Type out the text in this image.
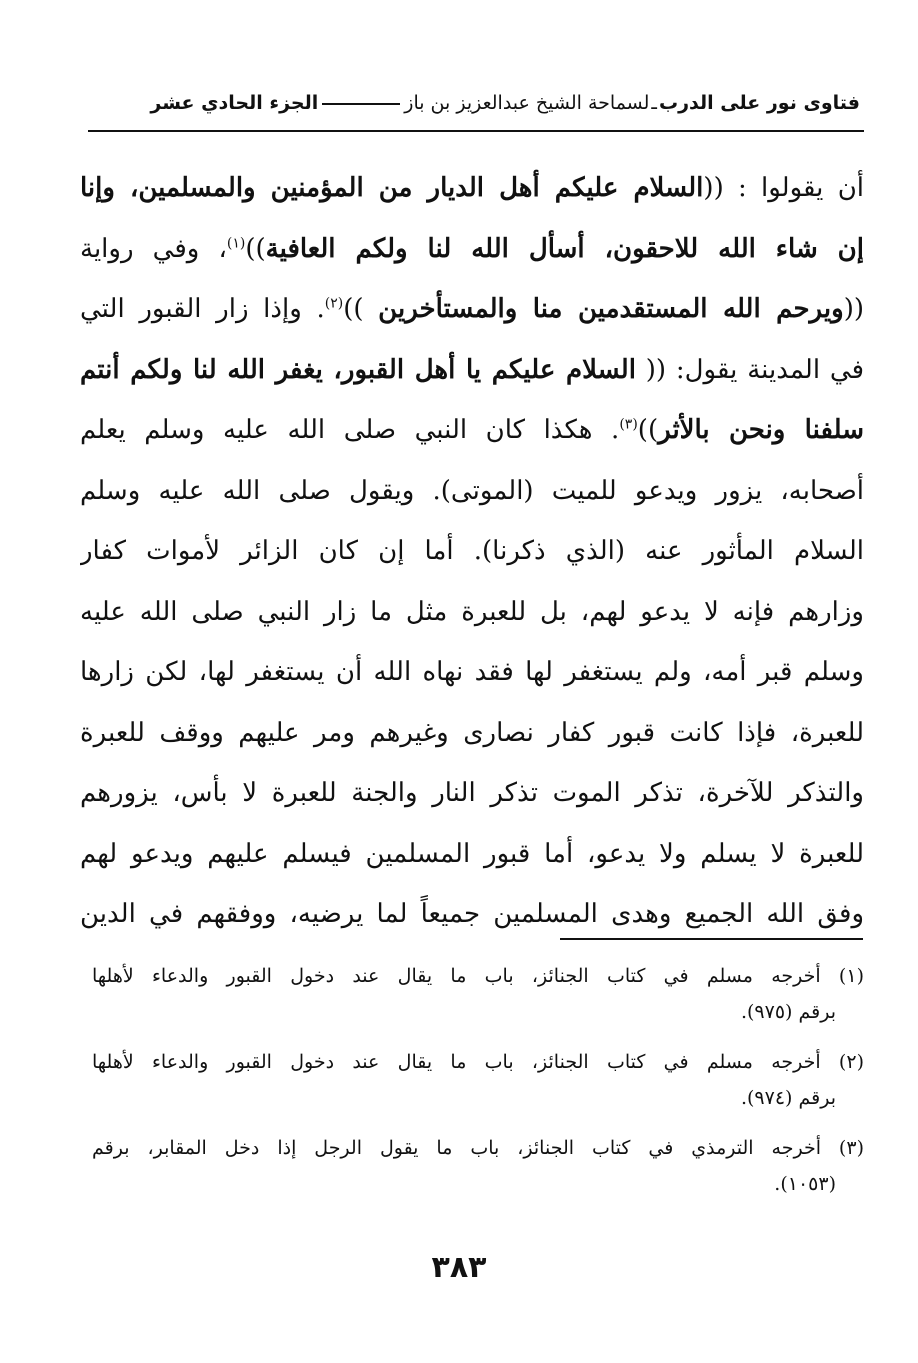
فتاوى نور على الدرب
ـ
لسماحة الشيخ عبدالعزيز بن باز
الجزء الحادي عشر
أن يقولوا : ((السلام عليكم أهل الديار من المؤمنين والمسلمين، وإنا
إن شاء الله للاحقون، أسأل الله لنا ولكم العافية))$^{(١)}$، وفي رواية
((ويرحم الله المستقدمين منا والمستأخرين ))$^{(٢)}$. وإذا زار القبور التي
في المدينة يقول: (( السلام عليكم يا أهل القبور، يغفر الله لنا ولكم أنتم
سلفنا ونحن بالأثر))$^{(٣)}$. هكذا كان النبي صلى الله عليه وسلم يعلم
أصحابه، يزور ويدعو للميت (الموتى). ويقول صلى الله عليه وسلم
السلام المأثور عنه (الذي ذكرنا). أما إن كان الزائر لأموات كفار
وزارهم فإنه لا يدعو لهم، بل للعبرة مثل ما زار النبي صلى الله عليه
وسلم قبر أمه، ولم يستغفر لها فقد نهاه الله أن يستغفر لها، لكن زارها
للعبرة، فإذا كانت قبور كفار نصارى وغيرهم ومر عليهم ووقف للعبرة
والتذكر للآخرة، تذكر الموت تذكر النار والجنة للعبرة لا بأس، يزورهم
للعبرة لا يسلم ولا يدعو، أما قبور المسلمين فيسلم عليهم ويدعو لهم
وفق الله الجميع وهدى المسلمين جميعاً لما يرضيه، ووفقهم في الدين
(١) أخرجه مسلم في كتاب الجنائز، باب ما يقال عند دخول القبور والدعاء لأهلها
برقم (٩٧٥).
(٢) أخرجه مسلم في كتاب الجنائز، باب ما يقال عند دخول القبور والدعاء لأهلها
برقم (٩٧٤).
(٣) أخرجه الترمذي في كتاب الجنائز، باب ما يقول الرجل إذا دخل المقابر، برقم
(١٠٥٣).
٣٨٣
